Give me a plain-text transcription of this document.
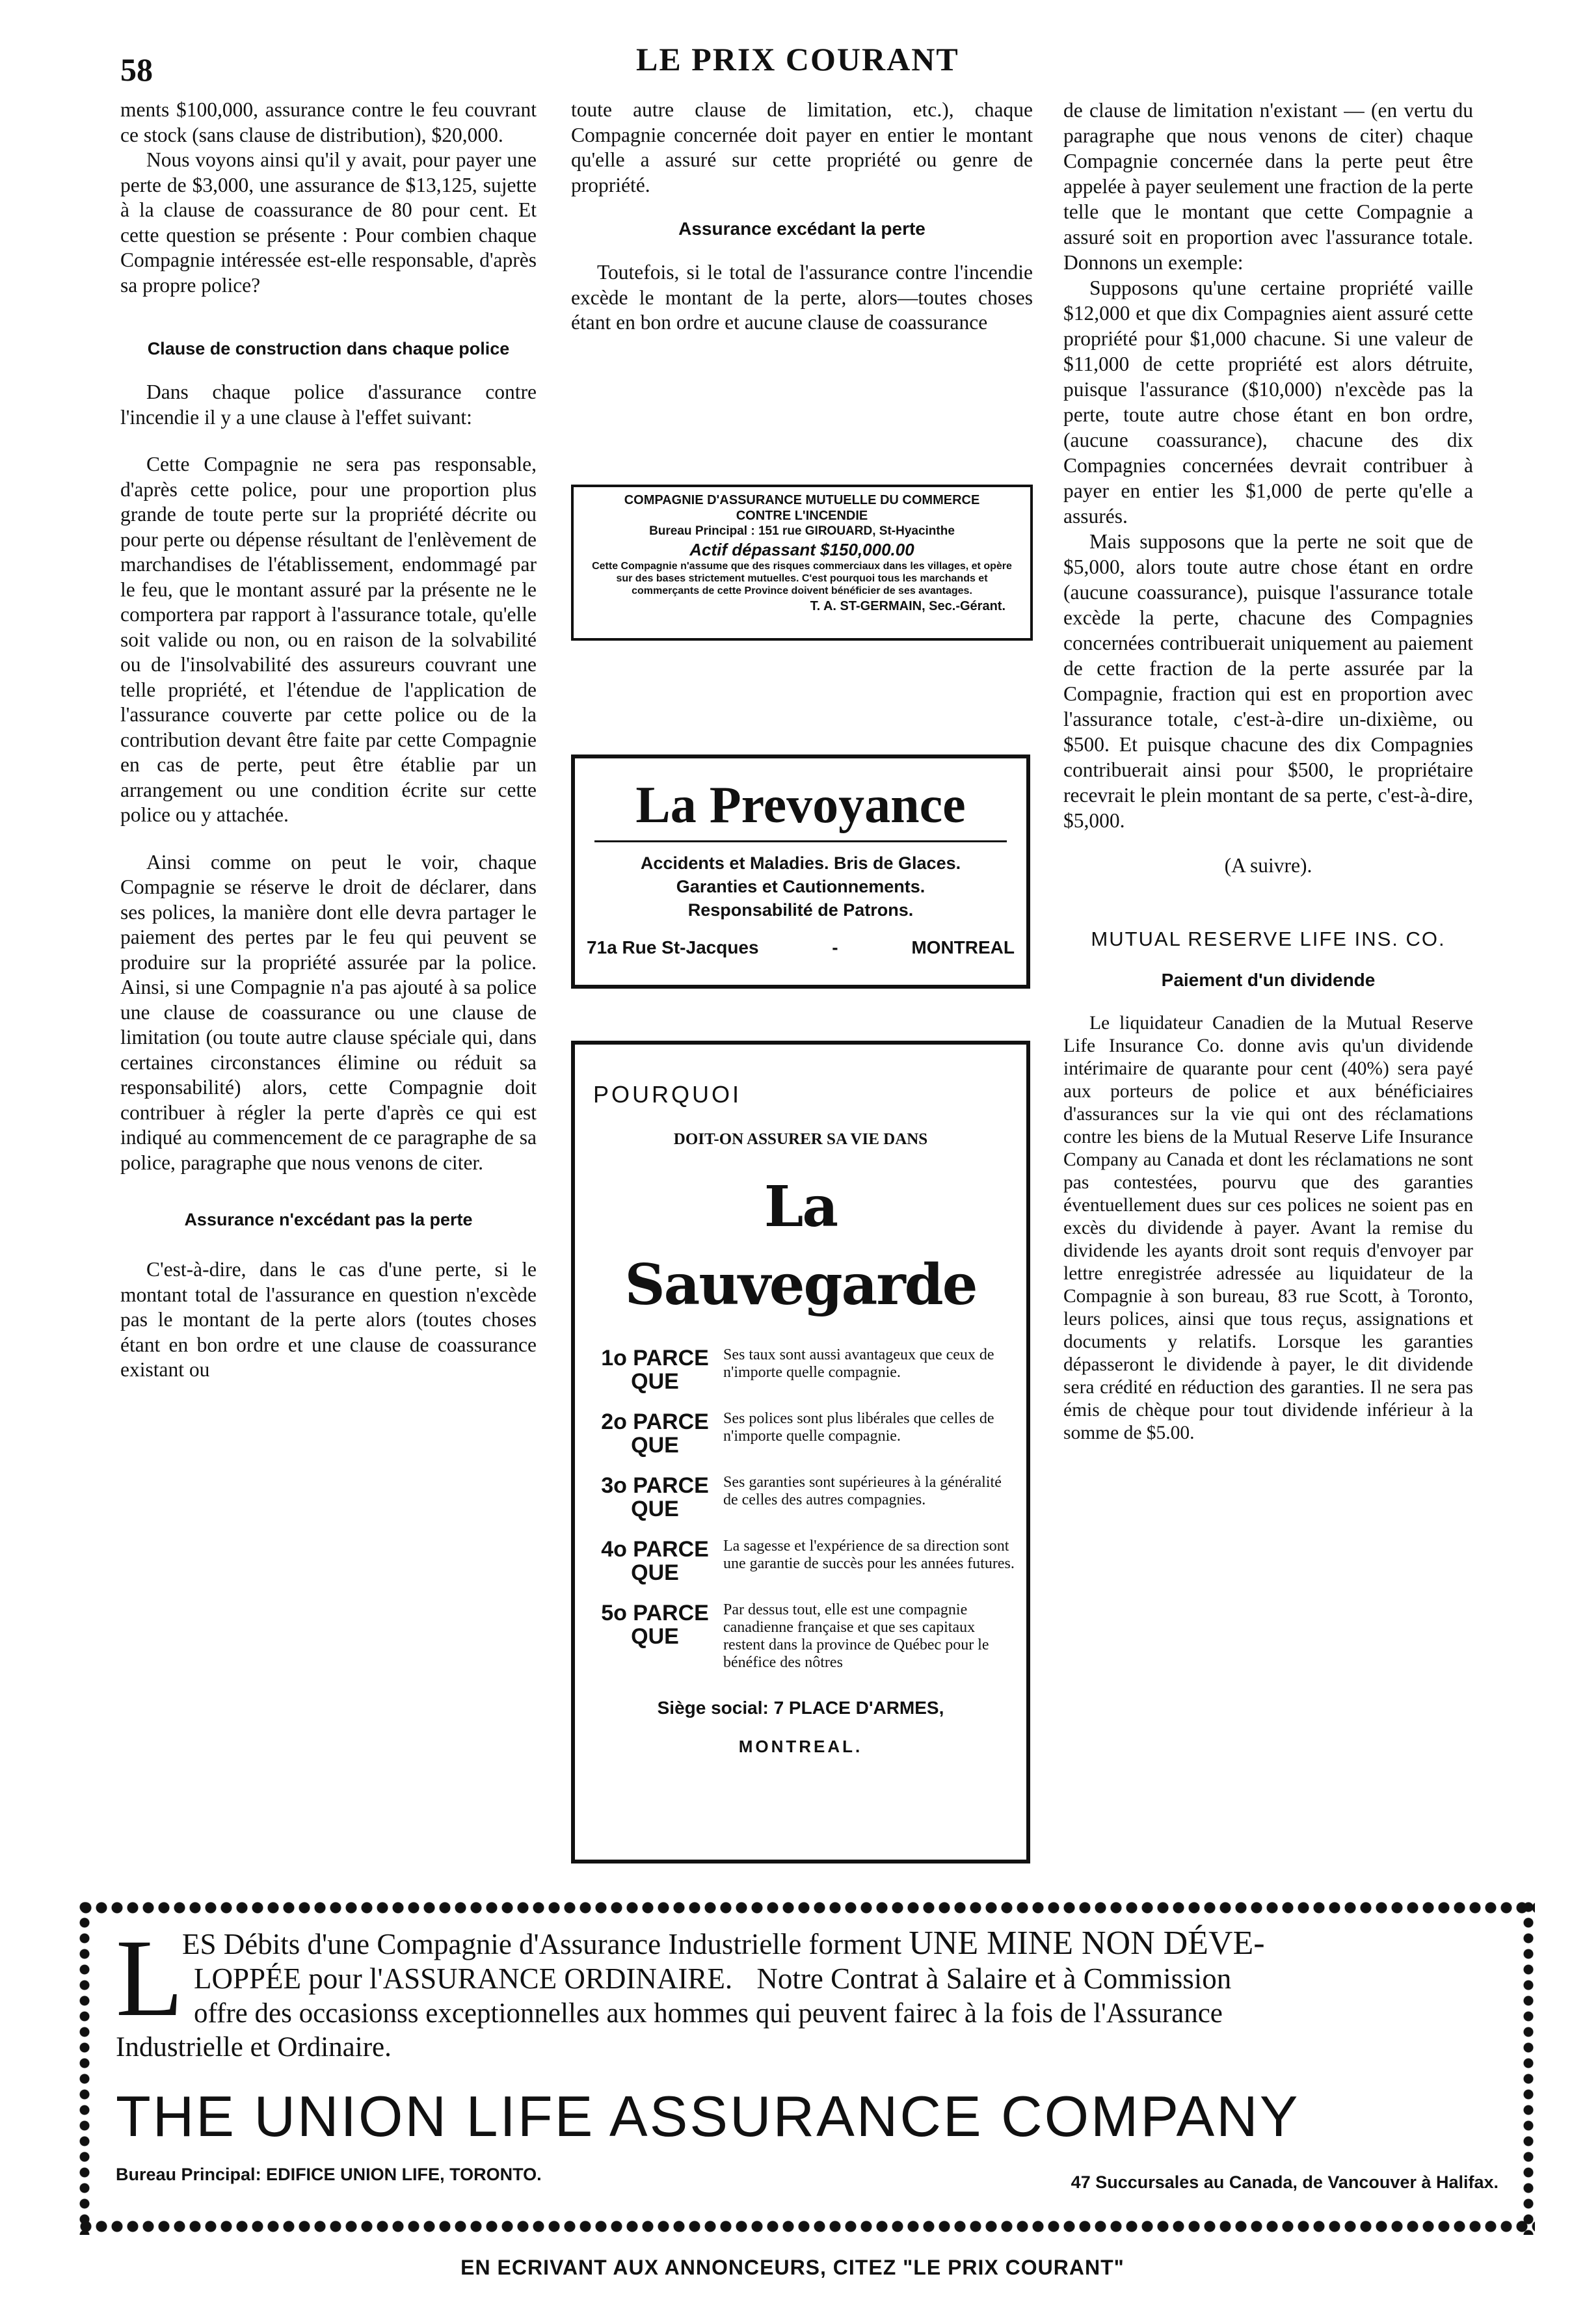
58	LE PRIX COURANT

ments $100,000, assurance contre le feu couvrant ce stock (sans clause de distribution), $20,000.

Nous voyons ainsi qu'il y avait, pour payer une perte de $3,000, une assurance de $13,125, sujette à la clause de coassurance de 80 pour cent. Et cette question se présente : Pour combien chaque Compagnie intéressée est-elle responsable, d'après sa propre police?

Clause de construction dans chaque police

Dans chaque police d'assurance contre l'incendie il y a une clause à l'effet suivant:

Cette Compagnie ne sera pas responsable, d'après cette police, pour une proportion plus grande de toute perte sur la propriété décrite ou pour perte ou dépense résultant de l'enlèvement de marchandises de l'établissement, endommagé par le feu, que le montant assuré par la présente ne le comportera par rapport à l'assurance totale, qu'elle soit valide ou non, ou en raison de la solvabilité ou de l'insolvabilité des assureurs couvrant une telle propriété, et l'étendue de l'application de l'assurance couverte par cette police ou de la contribution devant être faite par cette Compagnie en cas de perte, peut être établie par un arrangement ou une condition écrite sur cette police ou y attachée.

Ainsi comme on peut le voir, chaque Compagnie se réserve le droit de déclarer, dans ses polices, la manière dont elle devra partager le paiement des pertes par le feu qui peuvent se produire sur la propriété assurée par la police. Ainsi, si une Compagnie n'a pas ajouté à sa police une clause de coassurance ou une clause de limitation (ou toute autre clause spéciale qui, dans certaines circonstances élimine ou réduit sa responsabilité) alors, cette Compagnie doit contribuer à régler la perte d'après ce qui est indiqué au commencement de ce paragraphe de sa police, paragraphe que nous venons de citer.

Assurance n'excédant pas la perte

C'est-à-dire, dans le cas d'une perte, si le montant total de l'assurance en question n'excède pas le montant de la perte alors (toutes choses étant en bon ordre et une clause de coassurance existant ou

toute autre clause de limitation, etc.), chaque Compagnie concernée doit payer en entier le montant qu'elle a assuré sur cette propriété ou genre de propriété.

Assurance excédant la perte

Toutefois, si le total de l'assurance contre l'incendie excède le montant de la perte, alors—toutes choses étant en bon ordre et aucune clause de coassurance

COMPAGNIE D'ASSURANCE MUTUELLE DU COMMERCE
CONTRE L'INCENDIE
Bureau Principal : 151 rue GIROUARD, St-Hyacinthe
Actif dépassant $150,000.00
Cette Compagnie n'assume que des risques commerciaux dans les villages, et opère sur des bases strictement mutuelles. C'est pourquoi tous les marchands et commerçants de cette Province doivent bénéficier de ses avantages.
T. A. ST-GERMAIN, Sec.-Gérant.
La Prevoyance
Accidents et Maladies. Bris de Glaces.
Garanties et Cautionnements.
Responsabilité de Patrons.
71a Rue St-Jacques	-	MONTREAL
POURQUOI
DOIT-ON ASSURER SA VIE DANS
La Sauvegarde
1o PARCE QUE
Ses taux sont aussi avantageux que ceux de n'importe quelle compagnie.
2o PARCE QUE
Ses polices sont plus libérales que celles de n'importe quelle compagnie.
3o PARCE QUE
Ses garanties sont supérieures à la généralité de celles des autres compagnies.
4o PARCE QUE
La sagesse et l'expérience de sa direction sont une garantie de succès pour les années futures.
5o PARCE QUE
Par dessus tout, elle est une compagnie canadienne française et que ses capitaux restent dans la province de Québec pour le bénéfice des nôtres
Siège social: 7 PLACE D'ARMES,
MONTREAL.

de clause de limitation n'existant — (en vertu du paragraphe que nous venons de citer) chaque Compagnie concernée dans la perte peut être appelée à payer seulement une fraction de la perte telle que le montant que cette Compagnie a assuré soit en proportion avec l'assurance totale. Donnons un exemple:

Supposons qu'une certaine propriété vaille $12,000 et que dix Compagnies aient assuré cette propriété pour $1,000 chacune. Si une valeur de $11,000 de cette propriété est alors détruite, puisque l'assurance ($10,000) n'excède pas la perte, toute autre chose étant en bon ordre, (aucune coassurance), chacune des dix Compagnies concernées devrait contribuer à payer en entier les $1,000 de perte qu'elle a assurés.

Mais supposons que la perte ne soit que de $5,000, alors toute autre chose étant en ordre (aucune coassurance), puisque l'assurance totale excède la perte, chacune des Compagnies concernées contribuerait uniquement au paiement de cette fraction de la perte assurée par la Compagnie, fraction qui est en proportion avec l'assurance totale, c'est-à-dire un-dixième, ou $500. Et puisque chacune des dix Compagnies contribuerait ainsi pour $500, le propriétaire recevrait le plein montant de sa perte, c'est-à-dire, $5,000.

(A suivre).
MUTUAL RESERVE LIFE INS. CO.
Paiement d'un dividende

Le liquidateur Canadien de la Mutual Reserve Life Insurance Co. donne avis qu'un dividende intérimaire de quarante pour cent (40%) sera payé aux porteurs de police et aux bénéficiaires d'assurances sur la vie qui ont des réclamations contre les biens de la Mutual Reserve Life Insurance Company au Canada et dont les réclamations ne sont pas contestées, pourvu que des garanties éventuellement dues sur ces polices ne soient pas en excès du dividende à payer. Avant la remise du dividende les ayants droit sont requis d'envoyer par lettre enregistrée adressée au liquidateur de la Compagnie à son bureau, 83 rue Scott, à Toronto, leurs polices, ainsi que tous reçus, assignations et documents y relatifs. Lorsque les garanties dépasseront le dividende à payer, le dit dividende sera crédité en réduction des garanties. Il ne sera pas émis de chèque pour tout dividende inférieur à la somme de $5.00.

L
ES Débits d'une Compagnie d'Assurance Industrielle forment UNE MINE NON DÉVE-
LOPPÉE pour l'ASSURANCE ORDINAIRE. Notre Contrat à Salaire et à Commission
offre des occasionss exceptionnelles aux hommes qui peuvent fairec à la fois de l'Assurance
Industrielle et Ordinaire.
THE UNION LIFE ASSURANCE COMPANY
Bureau Principal: EDIFICE UNION LIFE, TORONTO.	47 Succursales au Canada, de Vancouver à Halifax.
EN ECRIVANT AUX ANNONCEURS, CITEZ "LE PRIX COURANT"
